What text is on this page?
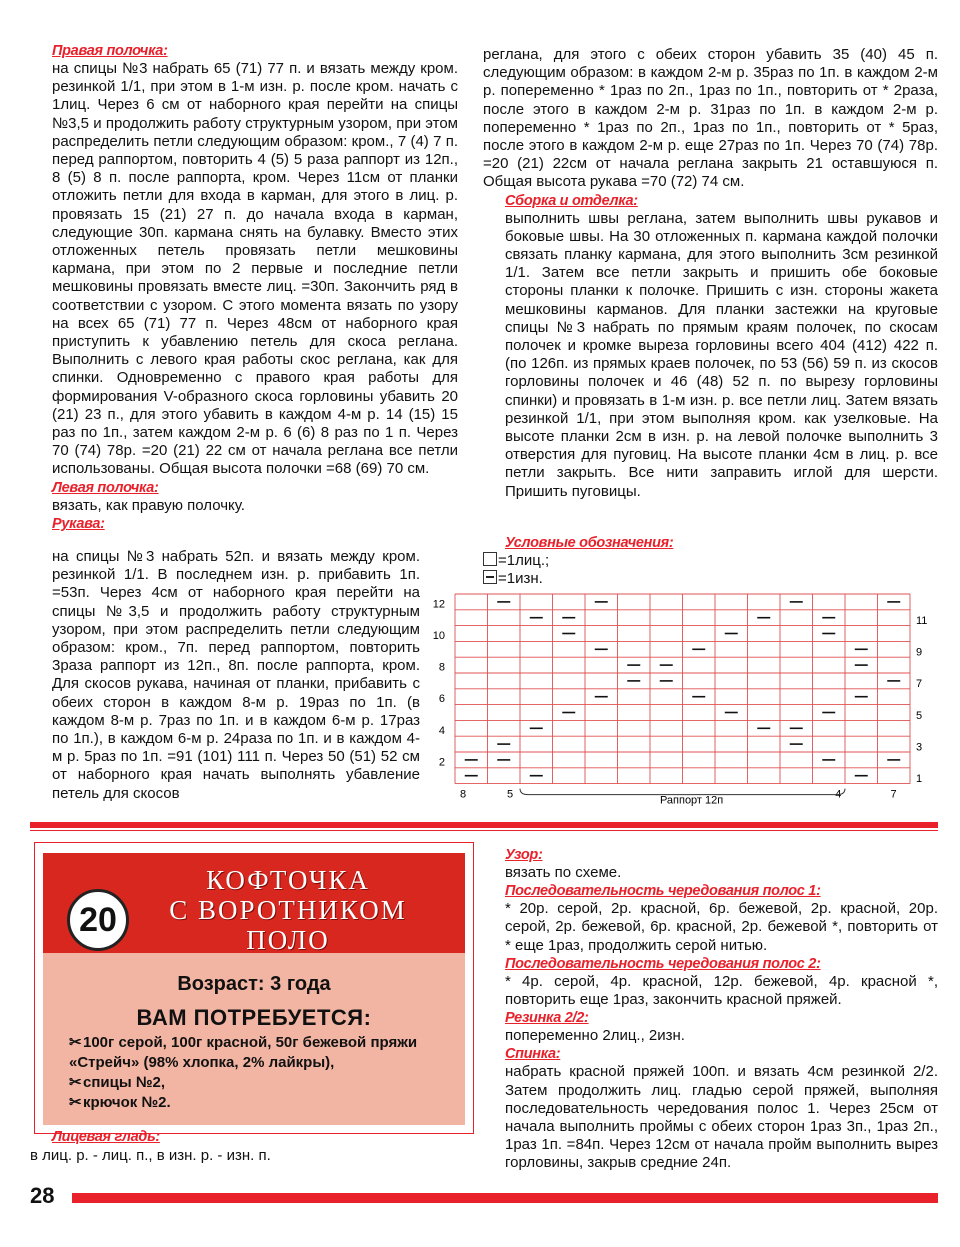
Правая полочка:

на спицы №3 набрать 65 (71) 77 п. и вязать между кром. резинкой 1/1, при этом в 1-м изн. р. после кром. начать с 1лиц. Через 6 см от наборного края перейти на спицы №3,5 и продолжить работу структурным узором, при этом распределить петли следующим образом: кром., 7 (4) 7 п. перед раппортом, повторить 4 (5) 5 раза раппорт из 12п., 8 (5) 8 п. после раппорта, кром. Через 11см от планки отложить петли для входа в карман, для этого в лиц. р. провязать 15 (21) 27 п. до начала входа в карман, следующие 30п. кармана снять на булавку. Вместо этих отложенных петель провязать петли мешковины кармана, при этом по 2 первые и последние петли мешковины провязать вместе лиц. =30п. Закончить ряд в соответствии с узором. С этого момента вязать по узору на всех 65 (71) 77 п. Через 48см от наборного края приступить к убавлению петель для скоса реглана. Выполнить с левого края работы скос реглана, как для спинки. Одновременно с правого края работы для формирования V-образного скоса горловины убавить 20 (21) 23 п., для этого убавить в каждом 4-м р. 14 (15) 15 раз по 1п., затем каждом 2-м р. 6 (6) 8 раз по 1 п. Через 70 (74) 78р. =20 (21) 22 см от начала реглана все петли использованы. Общая высота полочки =68 (69) 70 см.

Левая полочка:

вязать, как правую полочку.

Рукава:

на спицы №3 набрать 52п. и вязать между кром. резинкой 1/1. В последнем изн. р. прибавить 1п. =53п. Через 4см от наборного края перейти на спицы №3,5 и продолжить работу структурным узором, при этом распределить петли следующим образом: кром., 7п. перед раппортом, повторить 3раза раппорт из 12п., 8п. после раппорта, кром. Для скосов рукава, начиная от планки, прибавить с обеих сторон в каждом 8-м р. 19раз по 1п. (в каждом 8-м р. 7раз по 1п. и в каждом 6-м р. 17раз по 1п.), в каждом 6-м р. 24раза по 1п. и в каждом 4-м р. 5раз по 1п. =91 (101) 111 п. Через 50 (51) 52 см от наборного края начать выполнять убавление петель для скосов

реглана, для этого с обеих сторон убавить 35 (40) 45 п. следующим образом: в каждом 2-м р. 35раз по 1п. в каждом 2-м р. попеременно * 1раз по 2п., 1раз по 1п., повторить от * 2раза, после этого в каждом 2-м р. 31раз по 1п. в каждом 2-м р. попеременно * 1раз по 2п., 1раз по 1п., повторить от * 5раз, после этого в каждом 2-м р. еще 27раз по 1п. Через 70 (74) 78р. =20 (21) 22см от начала реглана закрыть 21 оставшуюся п. Общая высота рукава =70 (72) 74 см.

Сборка и отделка:

выполнить швы реглана, затем выполнить швы рукавов и боковые швы. На 30 отложенных п. кармана каждой полочки связать планку кармана, для этого выполнить 3см резинкой 1/1. Затем все петли закрыть и пришить обе боковые стороны планки к полочке. Пришить с изн. стороны жакета мешковины карманов. Для планки застежки на круговые спицы №3 набрать по прямым краям полочек, по скосам полочек и кромке выреза горловины всего 404 (412) 422 п. (по 126п. из прямых краев полочек, по 53 (56) 59 п. из скосов горловины полочек и 46 (48) 52 п. по вырезу горловины спинки) и провязать в 1-м изн. р. все петли лиц. Затем вязать резинкой 1/1, при этом выполняя кром. как узелковые. На высоте планки 2см в изн. р. на левой полочке выполнить 3 отверстия для пуговиц. На высоте планки 4см в лиц. р. все петли закрыть. Все нити заправить иглой для шерсти. Пришить пуговицы.

Условные обозначения:
=1лиц.;
=1изн.
12
10
8
6
4
2
11
9
7
5
3
1
8	5	Раппорт 12п	4	7
20
КОФТОЧКА
С ВОРОТНИКОМ
ПОЛО
Возраст: 3 года
ВАМ ПОТРЕБУЕТСЯ:
✂100г серой, 100г красной, 50г бежевой пряжи «Стрейч» (98% хлопка, 2% лайкры),
✂спицы №2,
✂крючок №2.
Лицевая гладь:
в лиц. р. - лиц. п., в изн. р. - изн. п.
Узор:

вязать по схеме.

Последовательность чередования полос 1:

* 20р. серой, 2р. красной, 6р. бежевой, 2р. красной, 20р. серой, 2р. бежевой, 6р. красной, 2р. бежевой *, повторить от * еще 1раз, продолжить серой нитью.

Последовательность чередования полос 2:

* 4р. серой, 4р. красной, 12р. бежевой, 4р. красной *, повторить еще 1раз, закончить красной пряжей.

Резинка 2/2:

попеременно 2лиц., 2изн.

Спинка:

набрать красной пряжей 100п. и вязать 4см резинкой 2/2. Затем продолжить лиц. гладью серой пряжей, выполняя последовательность чередования полос 1. Через 25см от начала выполнить проймы с обеих сторон 1раз 3п., 1раз 2п., 1раз 1п. =84п. Через 12см от начала пройм выполнить вырез горловины, закрыв средние 24п.

28
